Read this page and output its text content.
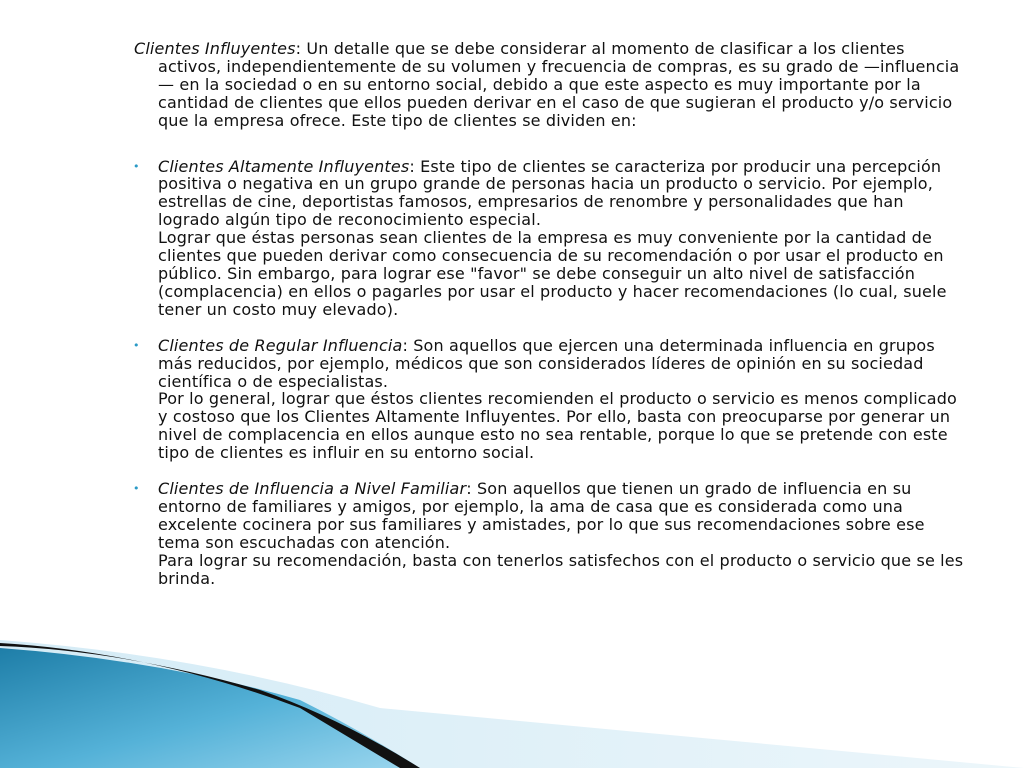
Clientes Influyentes: Un detalle que se debe considerar al momento de clasificar a los clientes activos, independientemente de su volumen y frecuencia de compras, es su grado de —influencia— en la sociedad o en su entorno social, debido a que este aspecto es muy importante por la cantidad de clientes que ellos pueden derivar en el caso de que sugieran el producto y/o servicio que la empresa ofrece. Este tipo de clientes se dividen en:

• Clientes Altamente Influyentes: Este tipo de clientes se caracteriza por producir una percepción positiva o negativa en un grupo grande de personas hacia un producto o servicio. Por ejemplo, estrellas de cine, deportistas famosos, empresarios de renombre y personalidades que han logrado algún tipo de reconocimiento especial.
Lograr que éstas personas sean clientes de la empresa es muy conveniente por la cantidad de clientes que pueden derivar como consecuencia de su recomendación o por usar el producto en público. Sin embargo, para lograr ese "favor" se debe conseguir un alto nivel de satisfacción (complacencia) en ellos o pagarles por usar el producto y hacer recomendaciones (lo cual, suele tener un costo muy elevado).
• Clientes de Regular Influencia: Son aquellos que ejercen una determinada influencia en grupos más reducidos, por ejemplo, médicos que son considerados líderes de opinión en su sociedad científica o de especialistas.
Por lo general, lograr que éstos clientes recomienden el producto o servicio es menos complicado y costoso que los Clientes Altamente Influyentes. Por ello, basta con preocuparse por generar un nivel de complacencia en ellos aunque esto no sea rentable, porque lo que se pretende con este tipo de clientes es influir en su entorno social.
• Clientes de Influencia a Nivel Familiar: Son aquellos que tienen un grado de influencia en su entorno de familiares y amigos, por ejemplo, la ama de casa que es considerada como una excelente cocinera por sus familiares y amistades, por lo que sus recomendaciones sobre ese tema son escuchadas con atención.
Para lograr su recomendación, basta con tenerlos satisfechos con el producto o servicio que se les brinda.
